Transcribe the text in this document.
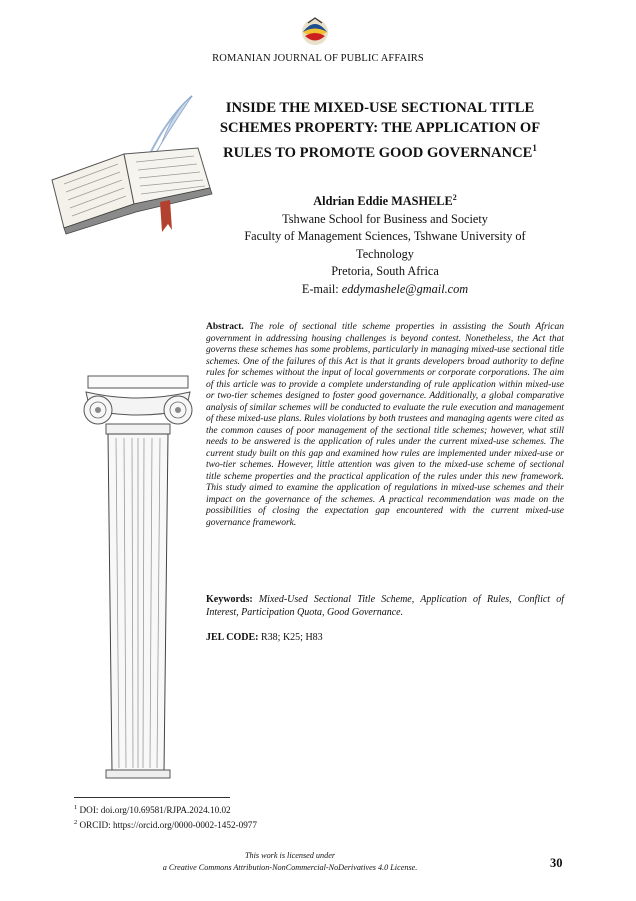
ROMANIAN JOURNAL OF PUBLIC AFFAIRS
INSIDE THE MIXED-USE SECTIONAL TITLE SCHEMES PROPERTY: THE APPLICATION OF RULES TO PROMOTE GOOD GOVERNANCE$^1$
Aldrian Eddie MASHELE$^2$
Tshwane School for Business and Society
Faculty of Management Sciences, Tshwane University of Technology
Pretoria, South Africa
E-mail: eddymashele@gmail.com
Abstract. The role of sectional title scheme properties in assisting the South African government in addressing housing challenges is beyond contest. Nonetheless, the Act that governs these schemes has some problems, particularly in managing mixed-use sectional title schemes. One of the failures of this Act is that it grants developers broad authority to define rules for schemes without the input of local governments or corporate corporations. The aim of this article was to provide a complete understanding of rule application within mixed-use or two-tier schemes designed to foster good governance. Additionally, a global comparative analysis of similar schemes will be conducted to evaluate the rule execution and management of these mixed-use plans. Rules violations by both trustees and managing agents were cited as the common causes of poor management of the sectional title schemes; however, what still needs to be answered is the application of rules under the current mixed-use schemes. The current study built on this gap and examined how rules are implemented under mixed-use or two-tier schemes. However, little attention was given to the mixed-use scheme of sectional title scheme properties and the practical application of the rules under this new framework. This study aimed to examine the application of regulations in mixed-use schemes and their impact on the governance of the schemes. A practical recommendation was made on the possibilities of closing the expectation gap encountered with the current mixed-use governance framework.
Keywords: Mixed-Used Sectional Title Scheme, Application of Rules, Conflict of Interest, Participation Quota, Good Governance.
JEL CODE: R38; K25; H83
$^1$ DOI: doi.org/10.69581/RJPA.2024.10.02
$^2$ ORCID: https://orcid.org/0000-0002-1452-0977
This work is licensed under
a Creative Commons Attribution-NonCommercial-NoDerivatives 4.0 License.	30
